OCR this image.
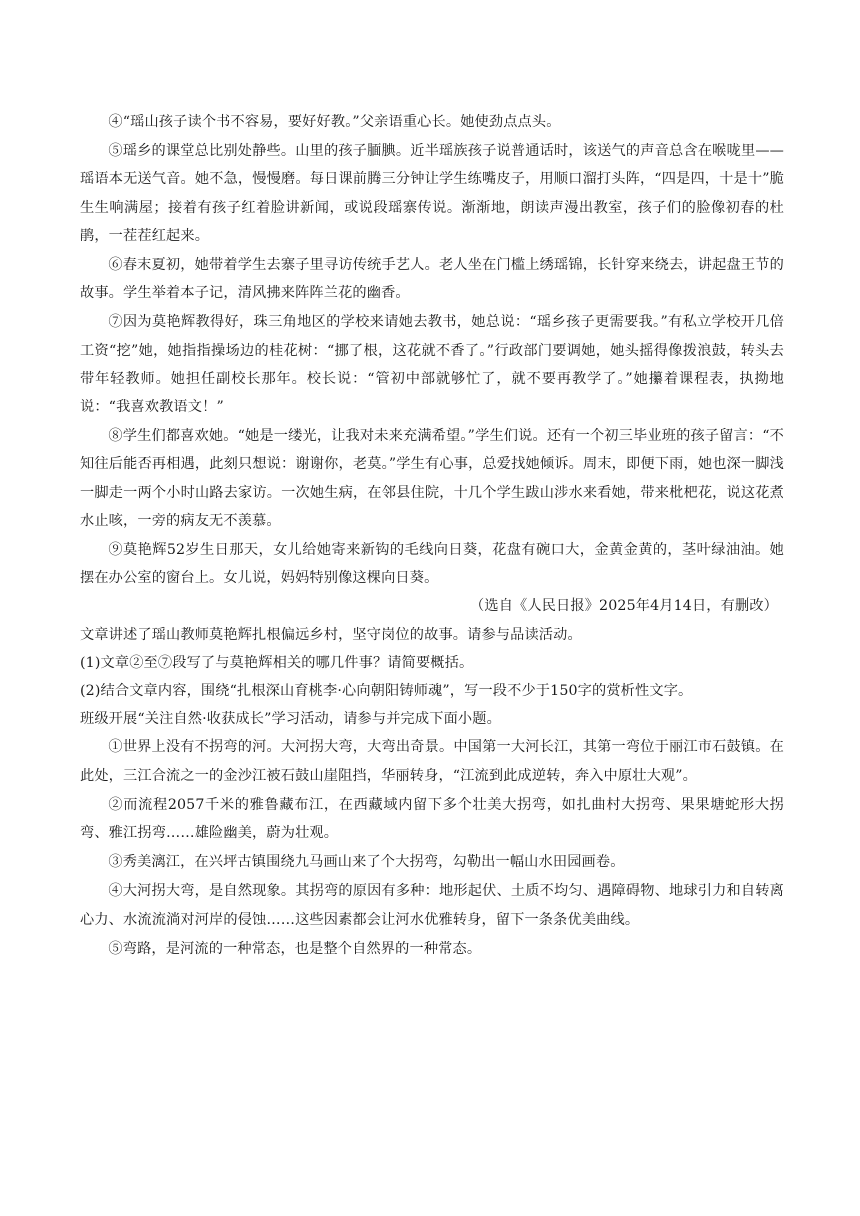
④“瑶山孩子读个书不容易，要好好教。”父亲语重心长。她使劲点点头。

⑤瑶乡的课堂总比别处静些。山里的孩子腼腆。近半瑶族孩子说普通话时，该送气的声音总含在喉咙里——瑶语本无送气音。她不急，慢慢磨。每日课前腾三分钟让学生练嘴皮子，用顺口溜打头阵，“四是四，十是十”脆生生响满屋；接着有孩子红着脸讲新闻，或说段瑶寨传说。渐渐地，朗读声漫出教室，孩子们的脸像初春的杜鹃，一茬茬红起来。

⑥春末夏初，她带着学生去寨子里寻访传统手艺人。老人坐在门槛上绣瑶锦，长针穿来绕去，讲起盘王节的故事。学生举着本子记，清风拂来阵阵兰花的幽香。

⑦因为莫艳辉教得好，珠三角地区的学校来请她去教书，她总说：“瑶乡孩子更需要我。”有私立学校开几倍工资“挖”她，她指指操场边的桂花树：“挪了根，这花就不香了。”行政部门要调她，她头摇得像拨浪鼓，转头去带年轻教师。她担任副校长那年。校长说：“管初中部就够忙了，就不要再教学了。”她攥着课程表，执拗地说：“我喜欢教语文！”

⑧学生们都喜欢她。“她是一缕光，让我对未来充满希望。”学生们说。还有一个初三毕业班的孩子留言：“不知往后能否再相遇，此刻只想说：谢谢你，老莫。”学生有心事，总爱找她倾诉。周末，即便下雨，她也深一脚浅一脚走一两个小时山路去家访。一次她生病，在邻县住院，十几个学生跋山涉水来看她，带来枇杷花，说这花煮水止咳，一旁的病友无不羡慕。

⑨莫艳辉52岁生日那天，女儿给她寄来新钩的毛线向日葵，花盘有碗口大，金黄金黄的，茎叶绿油油。她摆在办公室的窗台上。女儿说，妈妈特别像这棵向日葵。

（选自《人民日报》2025年4月14日，有删改）

文章讲述了瑶山教师莫艳辉扎根偏远乡村，坚守岗位的故事。请参与品读活动。

(1)文章②至⑦段写了与莫艳辉相关的哪几件事？请简要概括。

(2)结合文章内容，围绕“扎根深山育桃李·心向朝阳铸师魂”，写一段不少于150字的赏析性文字。

班级开展“关注自然·收获成长”学习活动，请参与并完成下面小题。

①世界上没有不拐弯的河。大河拐大弯，大弯出奇景。中国第一大河长江，其第一弯位于丽江市石鼓镇。在此处，三江合流之一的金沙江被石鼓山崖阻挡，华丽转身，“江流到此成逆转，奔入中原壮大观”。

②而流程2057千米的雅鲁藏布江，在西藏域内留下多个壮美大拐弯，如扎曲村大拐弯、果果塘蛇形大拐弯、雅江拐弯……雄险幽美，蔚为壮观。

③秀美漓江，在兴坪古镇围绕九马画山来了个大拐弯，勾勒出一幅山水田园画卷。

④大河拐大弯，是自然现象。其拐弯的原因有多种：地形起伏、土质不均匀、遇障碍物、地球引力和自转离心力、水流流淌对河岸的侵蚀……这些因素都会让河水优雅转身，留下一条条优美曲线。

⑤弯路，是河流的一种常态，也是整个自然界的一种常态。
